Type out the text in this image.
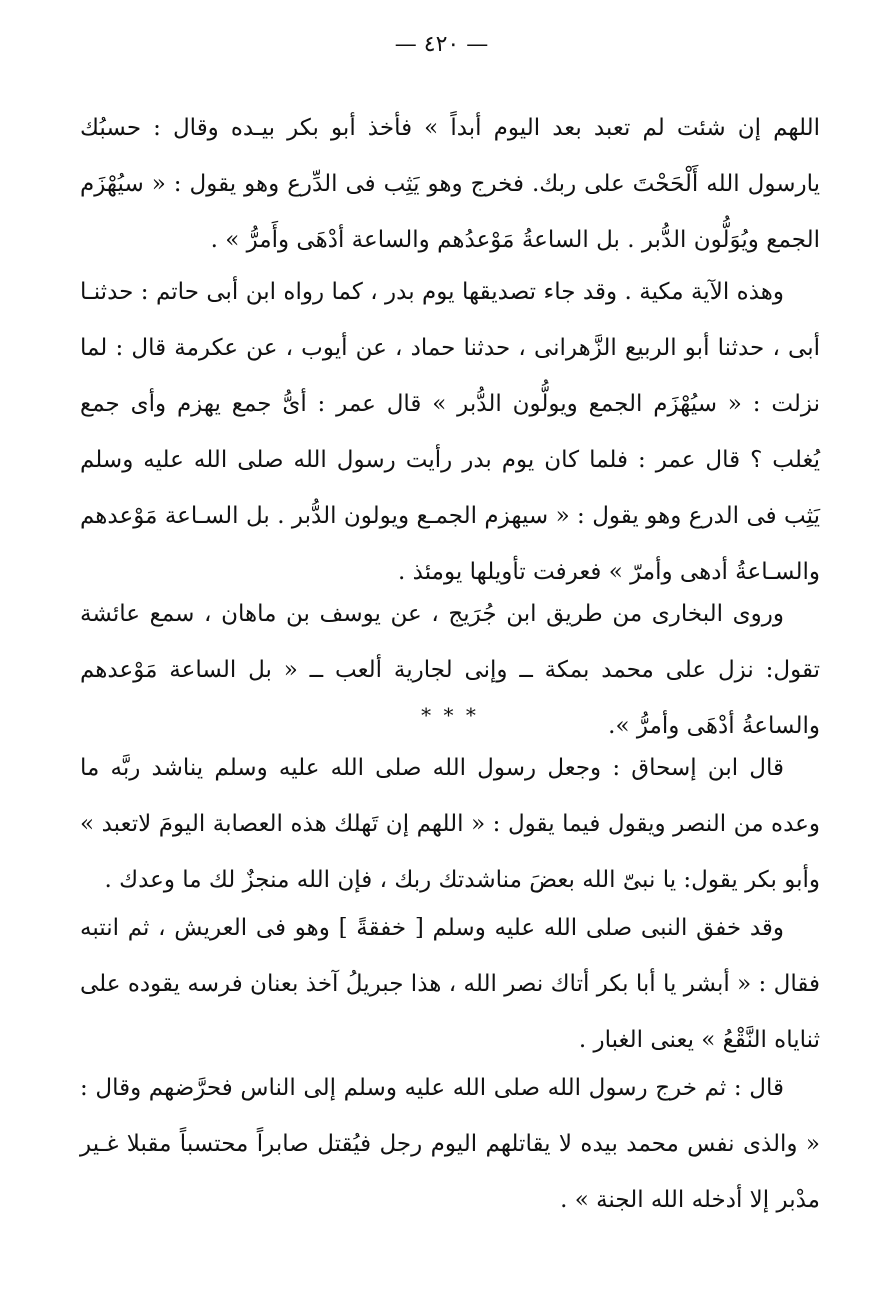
— ٤٢٠ —

اللهم إن شئت لم تعبد بعد اليوم أبداً » فأخذ أبو بكر بيـده وقال : حسبُك يارسول الله أَلْحَحْتَ على ربك. فخرج وهو يَثِب فى الدِّرع وهو يقول : « سيُهْزَم الجمع ويُوَلُّون الدُّبر . بل الساعةُ مَوْعدُهم والساعة أدْهَى وأَمرُّ » .

وهذه الآية مكية . وقد جاء تصديقها يوم بدر ، كما رواه ابن أبى حاتم : حدثنـا أبى ، حدثنا أبو الربيع الزَّهرانى ، حدثنا حماد ، عن أيوب ، عن عكرمة قال : لما نزلت : « سيُهْزَم الجمع ويولُّون الدُّبر » قال عمر : أىُّ جمع يهزم وأى جمع يُغلب ؟ قال عمر : فلما كان يوم بدر رأيت رسول الله صلى الله عليه وسلم يَثِب فى الدرع وهو يقول : « سيهزم الجمـع ويولون الدُّبر . بل السـاعة مَوْعدهم والسـاعةُ أدهى وأمرّ » فعرفت تأويلها يومئذ .

وروى البخارى من طريق ابن جُرَيج ، عن يوسف بن ماهان ، سمع عائشة تقول: نزل على محمد بمكة ــ وإنى لجارية ألعب ــ « بل الساعة مَوْعدهم والساعةُ أدْهَى وأمرُّ ».

* * *

قال ابن إسحاق : وجعل رسول الله صلى الله عليه وسلم يناشد ربَّه ما وعده من النصر ويقول فيما يقول : « اللهم إن تَهلك هذه العصابة اليومَ لاتعبد » وأبو بكر يقول: يا نبىّ الله بعضَ مناشدتك ربك ، فإن الله منجزٌ لك ما وعدك .

وقد خفق النبى صلى الله عليه وسلم [ خفقةً ] وهو فى العريش ، ثم انتبه فقال : « أبشر يا أبا بكر أتاك نصر الله ، هذا جبريلُ آخذ بعنان فرسه يقوده على ثناياه النَّقْعُ » يعنى الغبار .

قال : ثم خرج رسول الله صلى الله عليه وسلم إلى الناس فحرَّضهم وقال : « والذى نفس محمد بيده لا يقاتلهم اليوم رجل فيُقتل صابراً محتسباً مقبلا غـير مدْبر إلا أدخله الله الجنة » .
